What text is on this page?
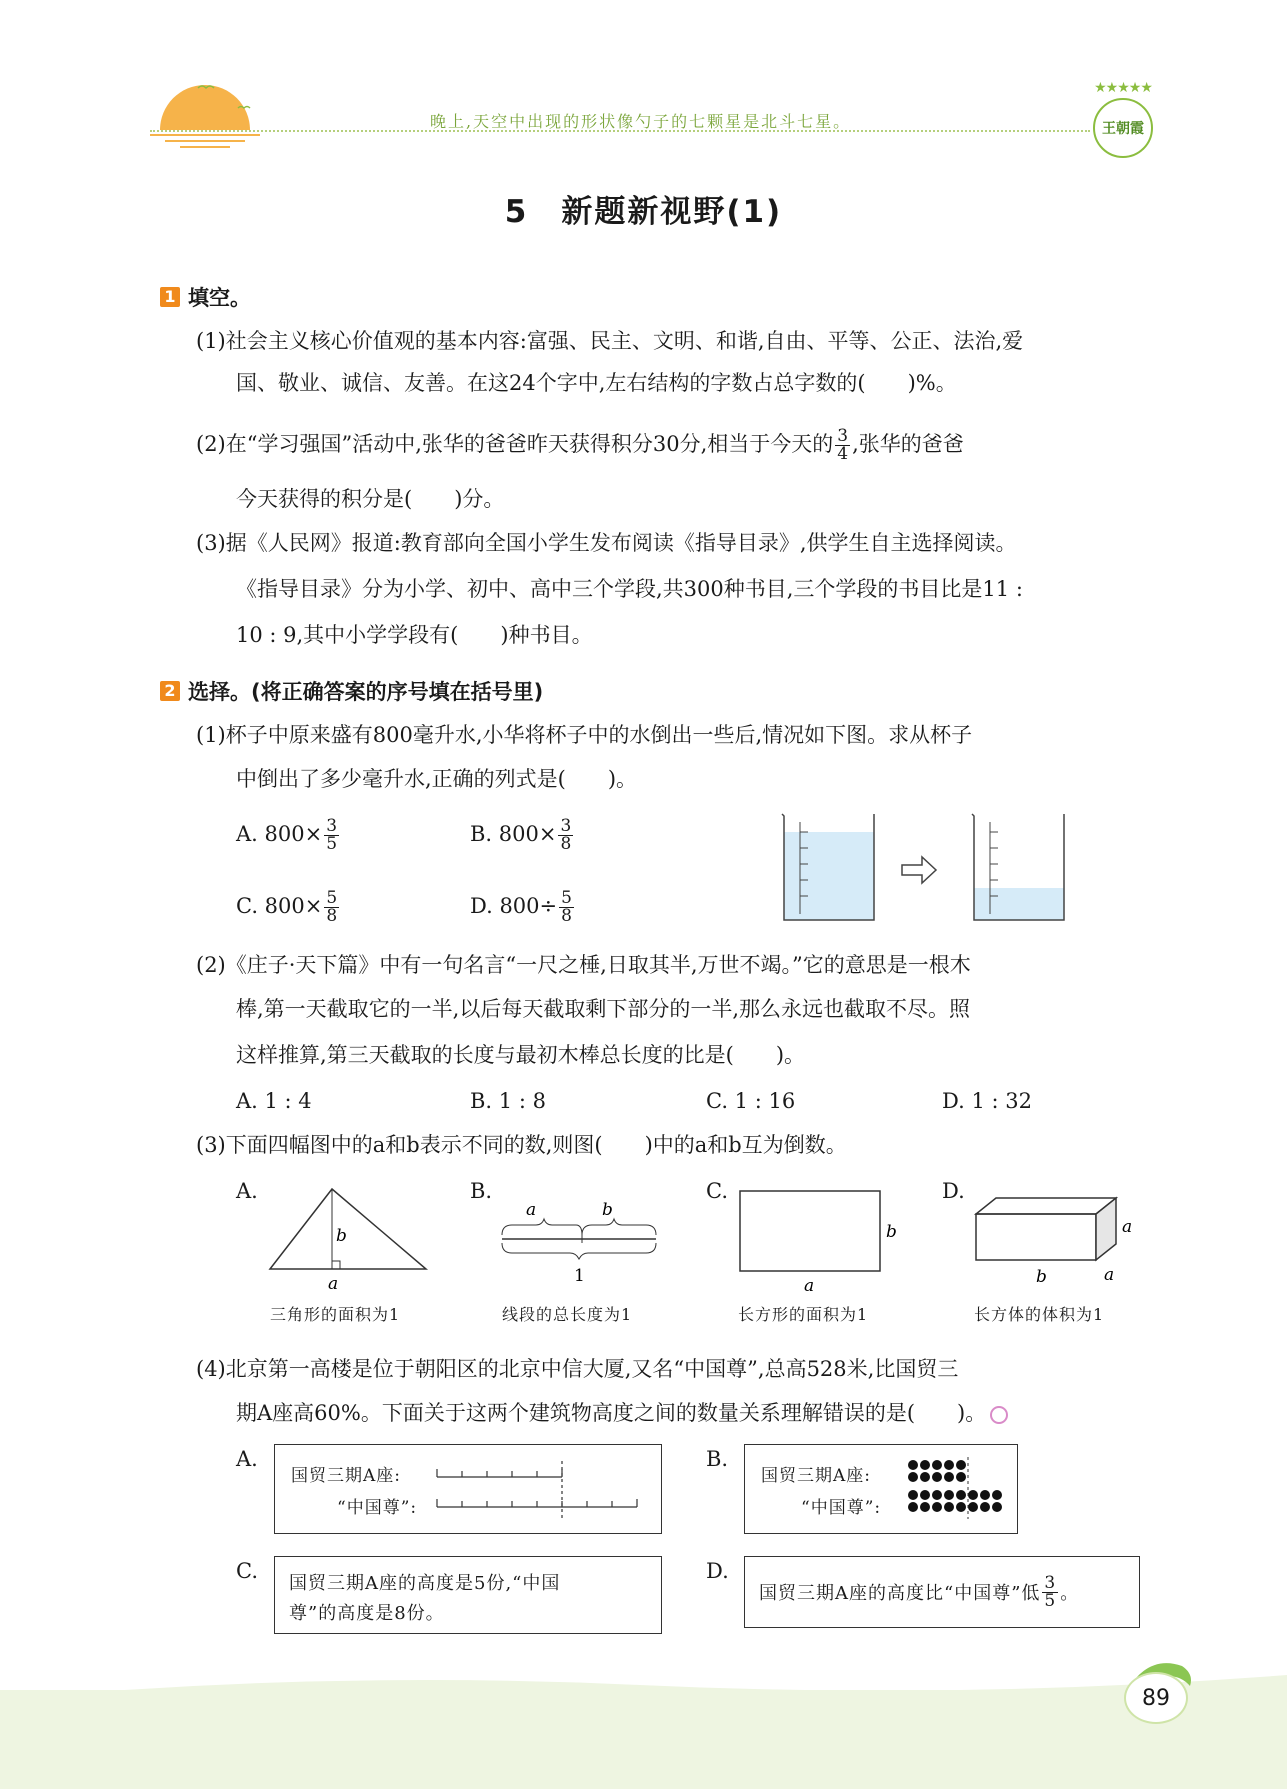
晚上,天空中出现的形状像勺子的七颗星是北斗七星。
★★★★★
王朝霞
5　新题新视野(1)
1 填空。
(1)社会主义核心价值观的基本内容:富强、民主、文明、和谐,自由、平等、公正、法治,爱
国、敬业、诚信、友善。在这24个字中,左右结构的字数占总字数的(　　)%。
(2)在“学习强国”活动中,张华的爸爸昨天获得积分30分,相当于今天的 $\frac{3}{4}$ ,张华的爸爸
今天获得的积分是(　　)分。
(3)据《人民网》报道:教育部向全国小学生发布阅读《指导目录》,供学生自主选择阅读。
《指导目录》分为小学、初中、高中三个学段,共300种书目,三个学段的书目比是11 :
10 : 9,其中小学学段有(　　)种书目。
2 选择。(将正确答案的序号填在括号里)
(1)杯子中原来盛有800毫升水,小华将杯子中的水倒出一些后,情况如下图。求从杯子
中倒出了多少毫升水,正确的列式是(　　)。
A. $800\times \frac{3}{5}$	B. $800\times \frac{3}{8}$
C. $800\times \frac{5}{8}$	D. $800\div \frac{5}{8}$
(2)《庄子·天下篇》中有一句名言“一尺之棰,日取其半,万世不竭。”它的意思是一根木
棒,第一天截取它的一半,以后每天截取剩下部分的一半,那么永远也截取不尽。照
这样推算,第三天截取的长度与最初木棒总长度的比是(　　)。
A. 1 : 4	B. 1 : 8	C. 1 : 16	D. 1 : 32
(3)下面四幅图中的a和b表示不同的数,则图(　　)中的a和b互为倒数。
A.	B.	C.	D.
b
a
a	b
1
b
a
a
a
b
三角形的面积为1	线段的总长度为1	长方形的面积为1	长方体的体积为1
(4)北京第一高楼是位于朝阳区的北京中信大厦,又名“中国尊”,总高528米,比国贸三
期A座高60%。下面关于这两个建筑物高度之间的数量关系理解错误的是(　　)。
A.
国贸三期A座:
“中国尊”:
B.
国贸三期A座:
“中国尊”:
C.
国贸三期A座的高度是5份,“中国
尊”的高度是8份。
D.
国贸三期A座的高度比“中国尊”低 $\frac{3}{5}$ 。
89
